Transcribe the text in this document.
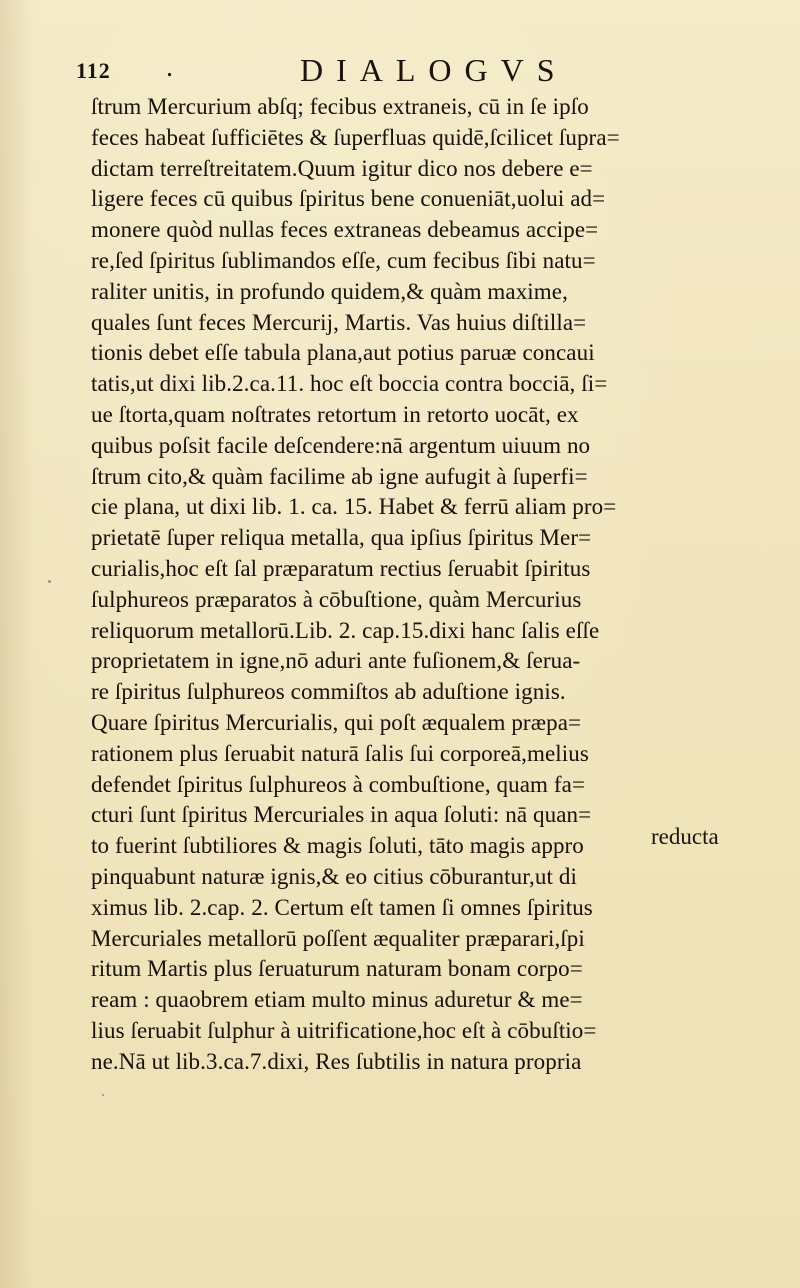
112 .	DIALOGVS
ſtrum Mercurium abſq; fecibus extraneis, cū in ſe ipſo
feces habeat ſufficiētes & ſuperfluas quidē,ſcilicet ſupra=
dictam terreſtreitatem.Quum igitur dico nos debere e=
ligere feces cū quibus ſpiritus bene conueniāt,uolui ad=
monere quòd nullas feces extraneas debeamus accipe=
re,ſed ſpiritus ſublimandos eſſe, cum fecibus ſibi natu=
raliter unitis, in profundo quidem,& quàm maxime,
quales ſunt feces Mercurij, Martis. Vas huius diſtilla=
tionis debet eſſe tabula plana,aut potius paruæ concaui
tatis,ut dixi lib.2.ca.11. hoc eſt boccia contra bocciā, ſi=
ue ſtorta,quam noſtrates retortum in retorto uocāt, ex
quibus poſsit facile deſcendere:nā argentum uiuum no
ſtrum cito,& quàm facilime ab igne aufugit à ſuperfi=
cie plana, ut dixi lib. 1. ca. 15. Habet & ferrū aliam pro=
prietatē ſuper reliqua metalla, qua ipſius ſpiritus Mer=
curialis,hoc eſt ſal præparatum rectius ſeruabit ſpiritus
ſulphureos præparatos à cōbuſtione, quàm Mercurius
reliquorum metallorū.Lib. 2. cap.15.dixi hanc ſalis eſſe
proprietatem in igne,nō aduri ante fuſionem,& ſerua-
re ſpiritus ſulphureos commiſtos ab aduſtione ignis.
Quare ſpiritus Mercurialis, qui poſt æqualem præpa=
rationem plus ſeruabit naturā ſalis ſui corporeā,melius
defendet ſpiritus ſulphureos à combuſtione, quam fa=
cturi ſunt ſpiritus Mercuriales in aqua ſoluti: nā quan=
to fuerint ſubtiliores & magis ſoluti, tāto magis appro
pinquabunt naturæ ignis,& eo citius cōburantur,ut di
ximus lib. 2.cap. 2. Certum eſt tamen ſi omnes ſpiritus
Mercuriales metallorū poſſent æqualiter præparari,ſpi
ritum Martis plus ſeruaturum naturam bonam corpo=
ream : quaobrem etiam multo minus aduretur & me=
lius ſeruabit ſulphur à uitrificatione,hoc eſt à cōbuſtio=
ne.Nā ut lib.3.ca.7.dixi, Res ſubtilis in natura propria
reducta
